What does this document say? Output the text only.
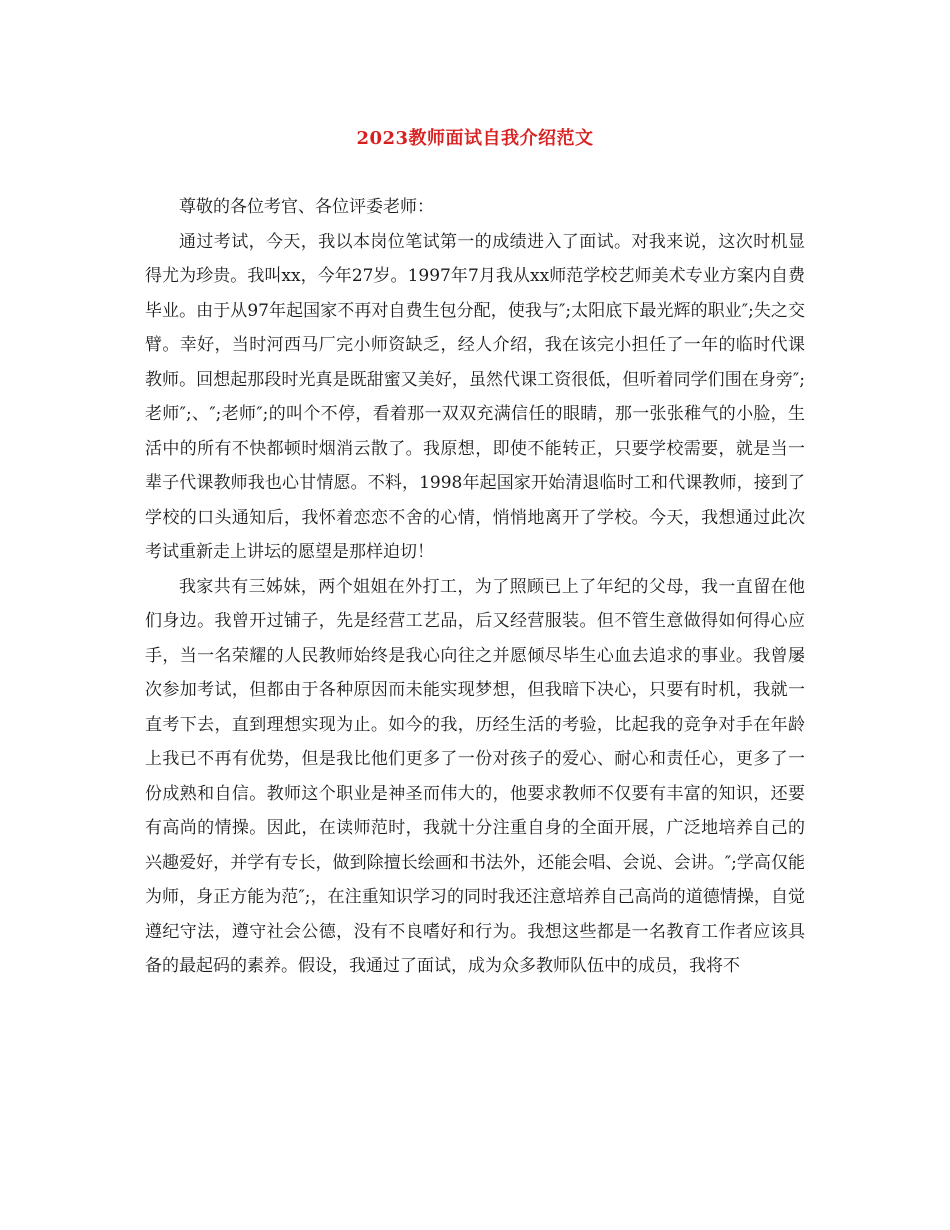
2023教师面试自我介绍范文

尊敬的各位考官、各位评委老师：

通过考试，今天，我以本岗位笔试第一的成绩进入了面试。对我来说，这次时机显得尤为珍贵。我叫xx，今年27岁。1997年7月我从xx师范学校艺师美术专业方案内自费毕业。由于从97年起国家不再对自费生包分配，使我与″;太阳底下最光辉的职业″;失之交臂。幸好，当时河西马厂完小师资缺乏，经人介绍，我在该完小担任了一年的临时代课教师。回想起那段时光真是既甜蜜又美好，虽然代课工资很低，但听着同学们围在身旁″;老师″;、″;老师″;的叫个不停，看着那一双双充满信任的眼睛，那一张张稚气的小脸，生活中的所有不快都顿时烟消云散了。我原想，即使不能转正，只要学校需要，就是当一辈子代课教师我也心甘情愿。不料，1998年起国家开始清退临时工和代课教师，接到了学校的口头通知后，我怀着恋恋不舍的心情，悄悄地离开了学校。今天，我想通过此次考试重新走上讲坛的愿望是那样迫切！

我家共有三姊妹，两个姐姐在外打工，为了照顾已上了年纪的父母，我一直留在他们身边。我曾开过铺子，先是经营工艺品，后又经营服装。但不管生意做得如何得心应手，当一名荣耀的人民教师始终是我心向往之并愿倾尽毕生心血去追求的事业。我曾屡次参加考试，但都由于各种原因而未能实现梦想，但我暗下决心，只要有时机，我就一直考下去，直到理想实现为止。如今的我，历经生活的考验，比起我的竞争对手在年龄上我已不再有优势，但是我比他们更多了一份对孩子的爱心、耐心和责任心，更多了一份成熟和自信。教师这个职业是神圣而伟大的，他要求教师不仅要有丰富的知识，还要有高尚的情操。因此，在读师范时，我就十分注重自身的全面开展，广泛地培养自己的兴趣爱好，并学有专长，做到除擅长绘画和书法外，还能会唱、会说、会讲。″;学高仅能为师，身正方能为范″;，在注重知识学习的同时我还注意培养自己高尚的道德情操，自觉遵纪守法，遵守社会公德，没有不良嗜好和行为。我想这些都是一名教育工作者应该具备的最起码的素养。假设，我通过了面试，成为众多教师队伍中的成员，我将不
